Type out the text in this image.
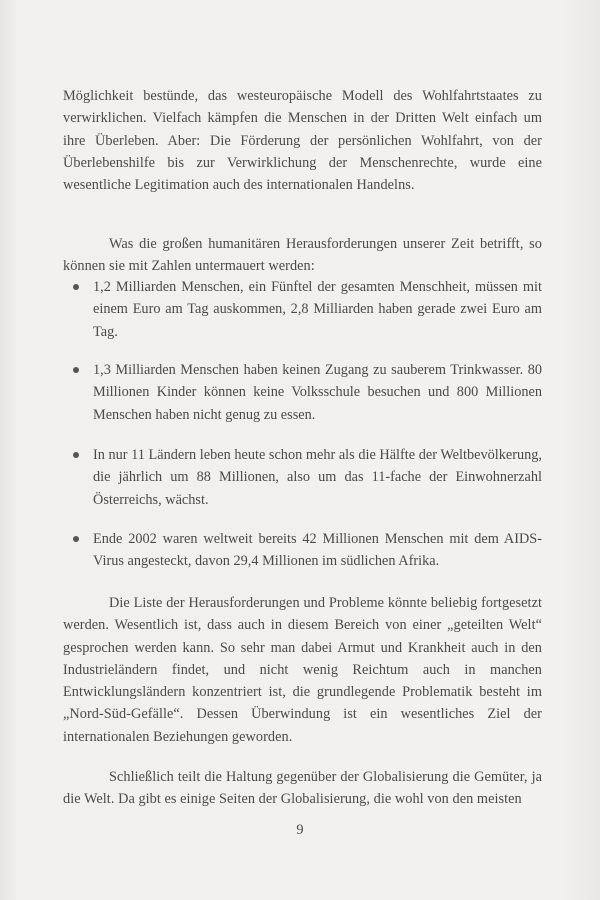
Möglichkeit bestünde, das westeuropäische Modell des Wohlfahrtstaates zu verwirklichen. Vielfach kämpfen die Menschen in der Dritten Welt einfach um ihre Überleben. Aber: Die Förderung der persönlichen Wohlfahrt, von der Überlebenshilfe bis zur Verwirklichung der Menschenrechte, wurde eine wesentliche Legitimation auch des internationalen Handelns.

Was die großen humanitären Herausforderungen unserer Zeit betrifft, so können sie mit Zahlen untermauert werden:

1,2 Milliarden Menschen, ein Fünftel der gesamten Menschheit, müssen mit einem Euro am Tag auskommen, 2,8 Milliarden haben gerade zwei Euro am Tag.

1,3 Milliarden Menschen haben keinen Zugang zu sauberem Trinkwasser. 80 Millionen Kinder können keine Volksschule besuchen und 800 Millionen Menschen haben nicht genug zu essen.

In nur 11 Ländern leben heute schon mehr als die Hälfte der Weltbevölkerung, die jährlich um 88 Millionen, also um das 11-fache der Einwohnerzahl Österreichs, wächst.

Ende 2002 waren weltweit bereits 42 Millionen Menschen mit dem AIDS-Virus angesteckt, davon 29,4 Millionen im südlichen Afrika.

Die Liste der Herausforderungen und Probleme könnte beliebig fortgesetzt werden. Wesentlich ist, dass auch in diesem Bereich von einer „geteilten Welt“ gesprochen werden kann. So sehr man dabei Armut und Krankheit auch in den Industrieländern findet, und nicht wenig Reichtum auch in manchen Entwicklungsländern konzentriert ist, die grundlegende Problematik besteht im „Nord-Süd-Gefälle“. Dessen Überwindung ist ein wesentliches Ziel der internationalen Beziehungen geworden.

Schließlich teilt die Haltung gegenüber der Globalisierung die Gemüter, ja die Welt. Da gibt es einige Seiten der Globalisierung, die wohl von den meisten

9
